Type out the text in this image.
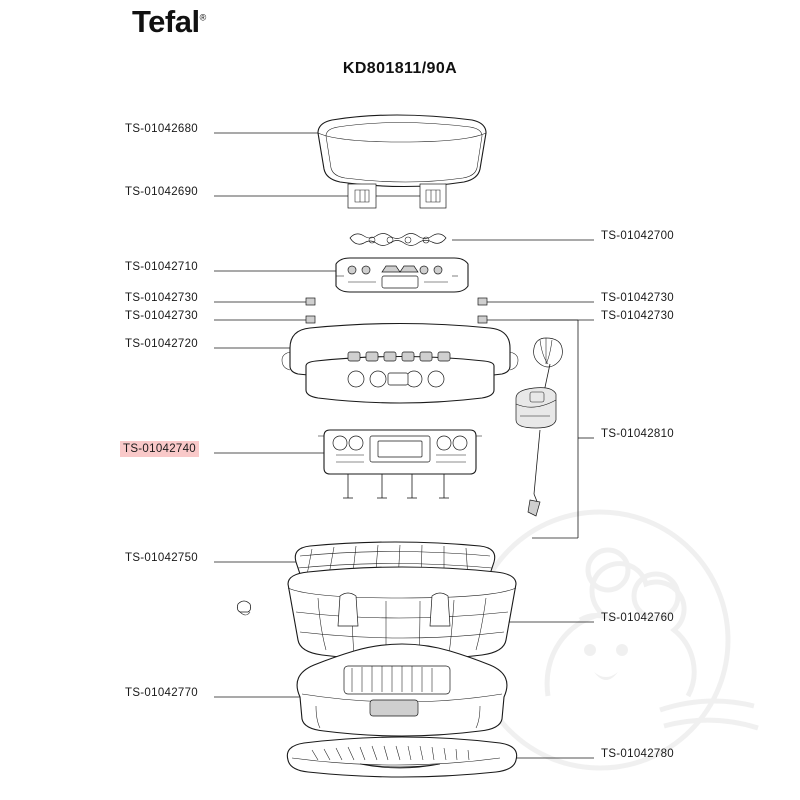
Tefal®
KD801811/90A
TS-01042680
TS-01042690
TS-01042700
TS-01042710
TS-01042730	TS-01042730
TS-01042730	TS-01042730
TS-01042720
TS-01042810
TS-01042740
TS-01042750
TS-01042760
TS-01042770
TS-01042780
